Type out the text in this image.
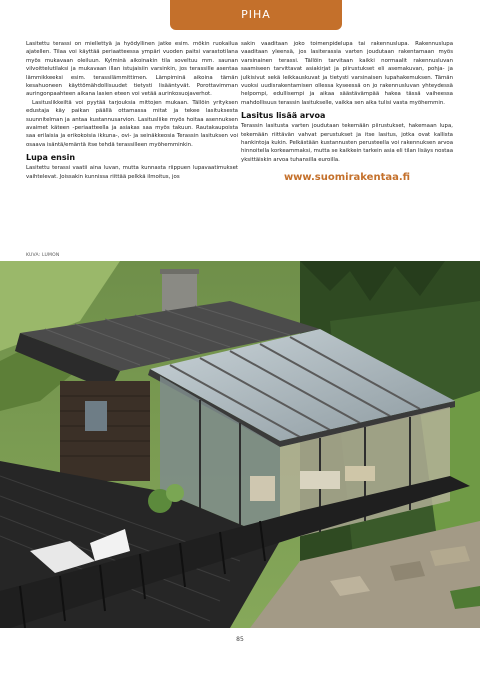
PIHA

Lasitettu terassi on miellettyä ja hyödyllinen jatke esim. mökin ruokailua ajatellen. Tilaa voi käyttää periaatteessa ympäri vuoden paitsi varastotilana myös mukavaan oleiluun. Kylminä aikoinakin tila soveltuu mm. saunan vilvoittelutilaksi ja mukavaan illan istujaisiin varsinkin, jos terassille asentaa lämmikkeeksi esim. terassilämmittimen. Lämpiminä aikoina tämän kesahuoneen käyttömähdollisuudet tietysti lisääntyvät. Porottavimman auringonpaahteen aikana lasien eteen voi vetää aurinkosuojaverhot.

Lasituslikkeiltä voi pyytää tarjouksia mittojen mukaan. Tällöin yrityksen edustaja käy paikan päällä ottamassa mitat ja tekee lasituksesta suunnitelman ja antaa kustannusarvion. Lasitusliike myös hoitaa asennuksen avaimet käteen -periaatteella ja asiakas saa myös takuun. Rautakaupoista saa erilaisia ja erikokoisia ikkuna-, ovi- ja seinäkkeosia Terassin lasituksen voi osaava isäntä/emäntä itse tehdä terassilleen myöhemminkin.

Lupa ensin

Lasitettu terassi vaatii aina luvan, mutta kunnasta riippuen lupavaatimukset vaihtelevat. Joissakin kunnissa riittää pelkkä ilmoitus, jos

sakin vaaditaan joko toimenpidelupa tai rakennuslupa. Rakennuslupa vaaditaan yleensä, jos lasiterassia varten joudutaan rakentamaan myös varsinainen terassi. Tällöin tarvitaan kaikki normaalit rakennusluvan saamiseen tarvittavat asiakirjat ja piirustukset eli asemakuvan, pohja- ja julkisivut sekä leikkauskuvat ja tietysti varsinaisen lupahakemuksen. Tämän vuoksi uudisrakentamisen ollessa kyseessä on jo rakennusluvan yhteydessä helpompi, edullisempi ja aikaa säästävämpää hakea tässä vaiheessa mahdollisuus terassin lasitukselle, vaikka sen aika tulisi vasta myöhemmin.

Lasitus lisää arvoa

Terassin lasitusta varten joudutaan tekemään piirustukset, hakemaan lupa, tekemään riittävän vahvat perustukset ja itse lasitus, jotka ovat kallista hankintoja kukin. Pelkästään kustannusten perusteella voi rakennuksen arvoa hinnoitella korkeammaksi, mutta se kaikkein tarkein asia eli tilan lisäys nostaa yksittäiskin arvoa tuhansilla euroilla.

www.suomirakentaa.fi
KUVA: LUMON
85
